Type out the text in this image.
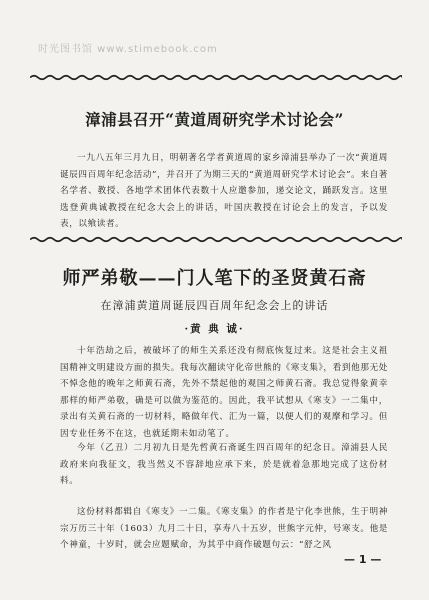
时光图书馆 www.stimebook.com
漳浦县召开“黄道周研究学术讨论会”
一九八五年三月九日，明朝著名学者黄道周的家乡漳浦县举办了一次“黄道周诞辰四百周年纪念活动”，并召开了为期三天的“黄道周研究学术讨论会”。来自著名学者、教授、各地学术团体代表数十人应邀参加，递交论文，踊跃发言。这里选登黄典诚教授在纪念大会上的讲话，叶国庆教授在讨论会上的发言，予以发表，以飨读者。
师严弟敬——门人笔下的圣贤黄石斋
在漳浦黄道周诞辰四百周年纪念会上的讲话
·黄 典 诚·
十年浩劫之后，被破坏了的师生关系还没有彻底恢复过来。这是社会主义祖国精神文明建设方面的损失。我每次翻读守化帝世熊的《寒支集》，看到他那无处不悼念他的晚年之师黄石斋，先外不禁起他的观国之师黄石斋。我总觉得象黄幸那样的师严弟敬，确是可以做为鉴范的。因此，我平试想从《寒支》一二集中，录出有关黄石斋的一切材料，略做年代、汇为一篇，以便人们的观摩和学习。但因专业任务不在这，也就延期未如动笔了。
今年（乙丑）二月初九日是先哲黄石斋诞生四百周年的纪念日。漳浦县人民政府来向我征文，我当然义不容辞地应承下来，於是就着急那地完成了这份材料。
这份材料都辑自《寒支》一二集。《寒支集》的作者是宁化李世熊，生于明神宗万历三十年（1603）九月二十日，享寿八十五岁，世熊字元仲，号寒支。他是个神童，十岁时，就会应题赋命，为其乎中商作破题句云：“舒之风
— 1 —
